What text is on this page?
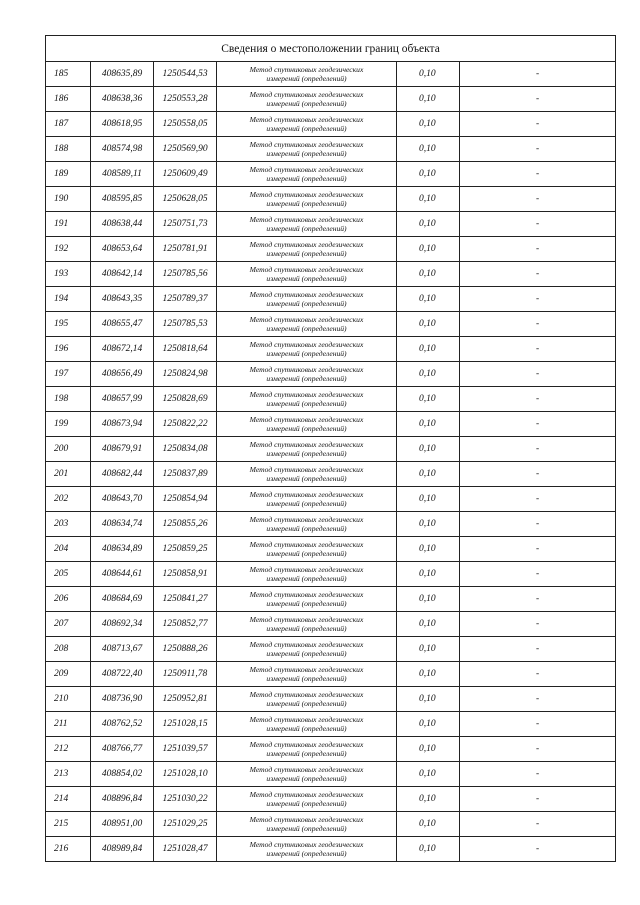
Сведения о местоположении границ объекта					
185	408635,89	1250544,53	Метод спутниковых геодезических
измерений (определений)	0,10	-
186	408638,36	1250553,28	Метод спутниковых геодезических
измерений (определений)	0,10	-
187	408618,95	1250558,05	Метод спутниковых геодезических
измерений (определений)	0,10	-
188	408574,98	1250569,90	Метод спутниковых геодезических
измерений (определений)	0,10	-
189	408589,11	1250609,49	Метод спутниковых геодезических
измерений (определений)	0,10	-
190	408595,85	1250628,05	Метод спутниковых геодезических
измерений (определений)	0,10	-
191	408638,44	1250751,73	Метод спутниковых геодезических
измерений (определений)	0,10	-
192	408653,64	1250781,91	Метод спутниковых геодезических
измерений (определений)	0,10	-
193	408642,14	1250785,56	Метод спутниковых геодезических
измерений (определений)	0,10	-
194	408643,35	1250789,37	Метод спутниковых геодезических
измерений (определений)	0,10	-
195	408655,47	1250785,53	Метод спутниковых геодезических
измерений (определений)	0,10	-
196	408672,14	1250818,64	Метод спутниковых геодезических
измерений (определений)	0,10	-
197	408656,49	1250824,98	Метод спутниковых геодезических
измерений (определений)	0,10	-
198	408657,99	1250828,69	Метод спутниковых геодезических
измерений (определений)	0,10	-
199	408673,94	1250822,22	Метод спутниковых геодезических
измерений (определений)	0,10	-
200	408679,91	1250834,08	Метод спутниковых геодезических
измерений (определений)	0,10	-
201	408682,44	1250837,89	Метод спутниковых геодезических
измерений (определений)	0,10	-
202	408643,70	1250854,94	Метод спутниковых геодезических
измерений (определений)	0,10	-
203	408634,74	1250855,26	Метод спутниковых геодезических
измерений (определений)	0,10	-
204	408634,89	1250859,25	Метод спутниковых геодезических
измерений (определений)	0,10	-
205	408644,61	1250858,91	Метод спутниковых геодезических
измерений (определений)	0,10	-
206	408684,69	1250841,27	Метод спутниковых геодезических
измерений (определений)	0,10	-
207	408692,34	1250852,77	Метод спутниковых геодезических
измерений (определений)	0,10	-
208	408713,67	1250888,26	Метод спутниковых геодезических
измерений (определений)	0,10	-
209	408722,40	1250911,78	Метод спутниковых геодезических
измерений (определений)	0,10	-
210	408736,90	1250952,81	Метод спутниковых геодезических
измерений (определений)	0,10	-
211	408762,52	1251028,15	Метод спутниковых геодезических
измерений (определений)	0,10	-
212	408766,77	1251039,57	Метод спутниковых геодезических
измерений (определений)	0,10	-
213	408854,02	1251028,10	Метод спутниковых геодезических
измерений (определений)	0,10	-
214	408896,84	1251030,22	Метод спутниковых геодезических
измерений (определений)	0,10	-
215	408951,00	1251029,25	Метод спутниковых геодезических
измерений (определений)	0,10	-
216	408989,84	1251028,47	Метод спутниковых геодезических
измерений (определений)	0,10	-
